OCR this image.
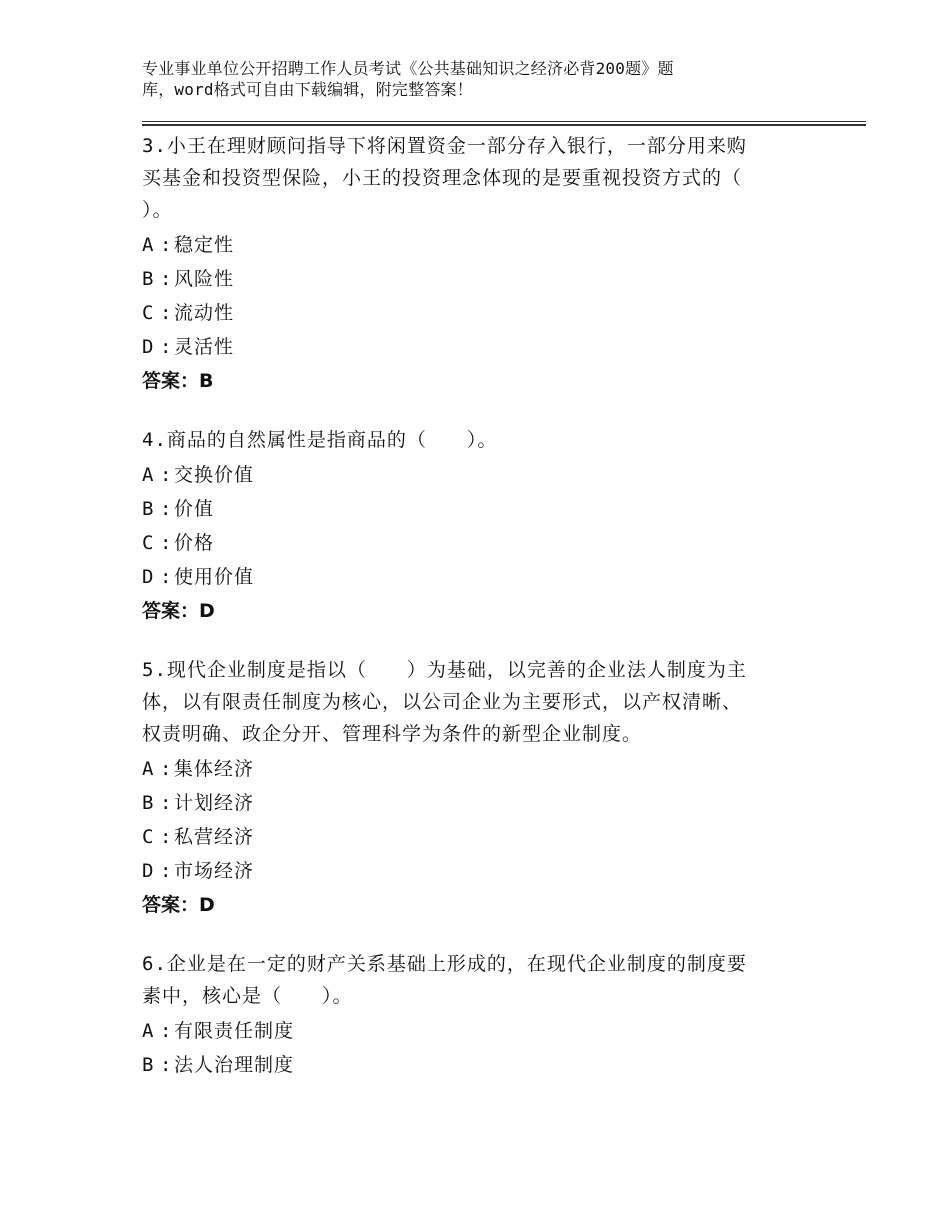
专业事业单位公开招聘工作人员考试《公共基础知识之经济必背200题》题
库，word格式可自由下载编辑，附完整答案！

3.小王在理财顾问指导下将闲置资金一部分存入银行，一部分用来购

买基金和投资型保险，小王的投资理念体现的是要重视投资方式的（

）。

A :稳定性

B :风险性

C :流动性

D :灵活性

答案：B

4.商品的自然属性是指商品的（　　）。

A :交换价值

B :价值

C :价格

D :使用价值

答案：D

5.现代企业制度是指以（　　）为基础，以完善的企业法人制度为主

体，以有限责任制度为核心，以公司企业为主要形式，以产权清晰、

权责明确、政企分开、管理科学为条件的新型企业制度。

A :集体经济

B :计划经济

C :私营经济

D :市场经济

答案：D

6.企业是在一定的财产关系基础上形成的，在现代企业制度的制度要

素中，核心是（　　）。

A :有限责任制度

B :法人治理制度
